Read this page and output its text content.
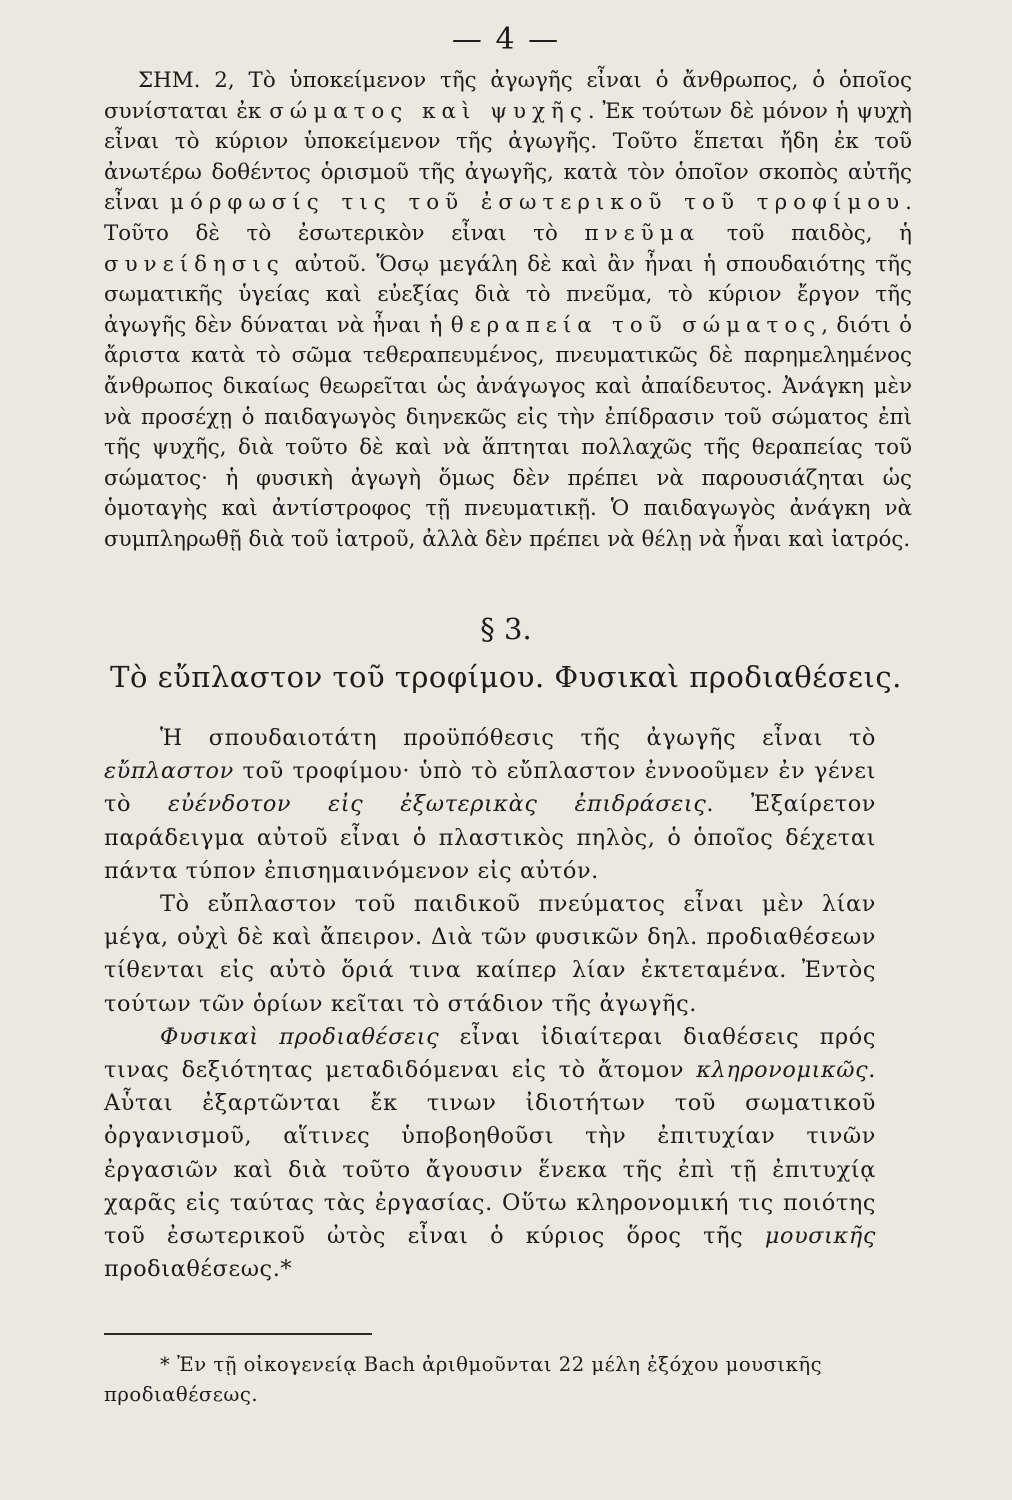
— 4 —

ΣΗΜ. 2, Τὸ ὑποκείμενον τῆς ἀγωγῆς εἶναι ὁ ἄνθρωπος, ὁ ὁποῖος συνίσταται ἐκ σώματος καὶ ψυχῆς. Ἐκ τούτων δὲ μόνον ἡ ψυχὴ εἶναι τὸ κύριον ὑποκείμενον τῆς ἀγωγῆς. Τοῦτο ἕπεται ἤδη ἐκ τοῦ ἀνωτέρω δοθέντος ὁρισμοῦ τῆς ἀγωγῆς, κατὰ τὸν ὁποῖον σκοπὸς αὐτῆς εἶναι μόρφωσίς τις τοῦ ἐσωτερικοῦ τοῦ τροφίμου. Τοῦτο δὲ τὸ ἐσωτερικὸν εἶναι τὸ πνεῦμα τοῦ παιδὸς, ἡ συνείδησις αὐτοῦ. Ὅσῳ μεγάλη δὲ καὶ ἂν ἦναι ἡ σπουδαιότης τῆς σωματικῆς ὑγείας καὶ εὐεξίας διὰ τὸ πνεῦμα, τὸ κύριον ἔργον τῆς ἀγωγῆς δὲν δύναται νὰ ἦναι ἡ θεραπεία τοῦ σώματος, διότι ὁ ἄριστα κατὰ τὸ σῶμα τεθεραπευμένος, πνευματικῶς δὲ παρημελημένος ἄνθρωπος δικαίως θεωρεῖται ὡς ἀνάγωγος καὶ ἀπαίδευτος. Ἀνάγκη μὲν νὰ προσέχῃ ὁ παιδαγωγὸς διηνεκῶς εἰς τὴν ἐπίδρασιν τοῦ σώματος ἐπὶ τῆς ψυχῆς, διὰ τοῦτο δὲ καὶ νὰ ἅπτηται πολλαχῶς τῆς θεραπείας τοῦ σώματος· ἡ φυσικὴ ἀγωγὴ ὅμως δὲν πρέπει νὰ παρουσιάζηται ὡς ὁμοταγὴς καὶ ἀντίστροφος τῇ πνευματικῇ. Ὁ παιδαγωγὸς ἀνάγκη νὰ συμπληρωθῇ διὰ τοῦ ἰατροῦ, ἀλλὰ δὲν πρέπει νὰ θέλῃ νὰ ἦναι καὶ ἰατρός.

§ 3.
Τὸ εὔπλαστον τοῦ τροφίμου. Φυσικαὶ προδιαθέσεις.

Ἡ σπουδαιοτάτη προϋπόθεσις τῆς ἀγωγῆς εἶναι τὸ εὔπλαστον τοῦ τροφίμου· ὑπὸ τὸ εὔπλαστον ἐννοοῦμεν ἐν γένει τὸ εὐένδοτον εἰς ἐξωτερικὰς ἐπιδράσεις. Ἐξαίρετον παράδειγμα αὐτοῦ εἶναι ὁ πλαστικὸς πηλὸς, ὁ ὁποῖος δέχεται πάντα τύπον ἐπισημαινόμενον εἰς αὐτόν.

Τὸ εὔπλαστον τοῦ παιδικοῦ πνεύματος εἶναι μὲν λίαν μέγα, οὐχὶ δὲ καὶ ἄπειρον. Διὰ τῶν φυσικῶν δηλ. προδιαθέσεων τίθενται εἰς αὐτὸ ὅριά τινα καίπερ λίαν ἐκτεταμένα. Ἐντὸς τούτων τῶν ὁρίων κεῖται τὸ στάδιον τῆς ἀγωγῆς.

Φυσικαὶ προδιαθέσεις εἶναι ἰδιαίτεραι διαθέσεις πρός τινας δεξιότητας μεταδιδόμεναι εἰς τὸ ἄτομον κληρονομικῶς. Αὗται ἐξαρτῶνται ἔκ τινων ἰδιοτήτων τοῦ σωματικοῦ ὀργανισμοῦ, αἵτινες ὑποβοηθοῦσι τὴν ἐπιτυχίαν τινῶν ἐργασιῶν καὶ διὰ τοῦτο ἄγουσιν ἕνεκα τῆς ἐπὶ τῇ ἐπιτυχίᾳ χαρᾶς εἰς ταύτας τὰς ἐργασίας. Οὕτω κληρονομική τις ποιότης τοῦ ἐσωτερικοῦ ὠτὸς εἶναι ὁ κύριος ὅρος τῆς μουσικῆς προδιαθέσεως.*

* Ἐν τῇ οἰκογενείᾳ Bach ἀριθμοῦνται 22 μέλη ἐξόχου μουσικῆς προδιαθέσεως.
